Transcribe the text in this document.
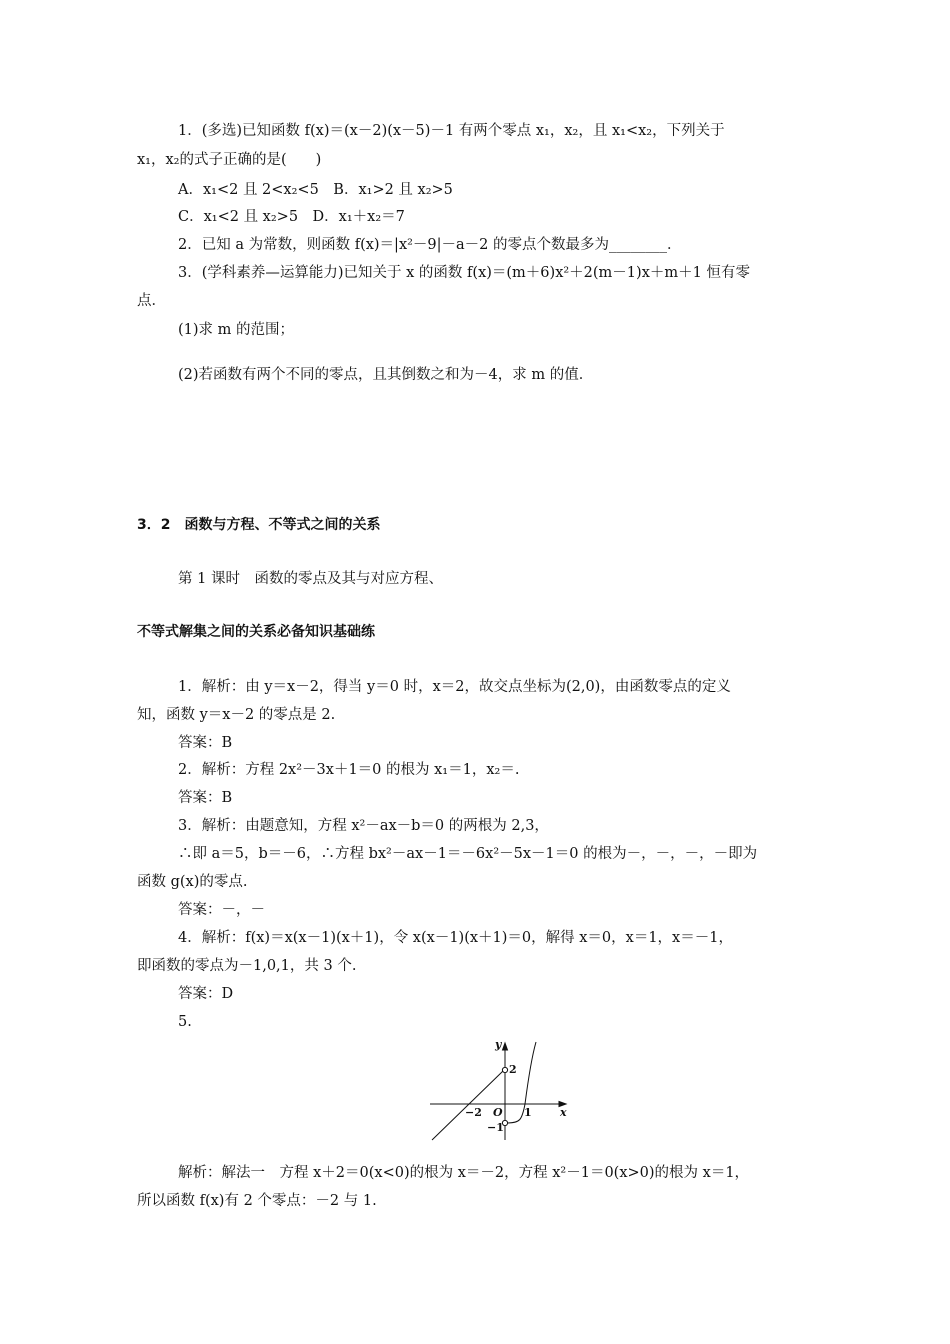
1．(多选)已知函数 f(x)＝(x－2)(x－5)－1 有两个零点 x₁，x₂，且 x₁<x₂，下列关于
x₁，x₂的式子正确的是(　　)
A．x₁<2 且 2<x₂<5　B．x₁>2 且 x₂>5
C．x₁<2 且 x₂>5　D．x₁＋x₂＝7
2．已知 a 为常数，则函数 f(x)＝|x²－9|－a－2 的零点个数最多为________．
3．(学科素养—运算能力)已知关于 x 的函数 f(x)＝(m＋6)x²＋2(m－1)x＋m＋1 恒有零
点．
(1)求 m 的范围；
(2)若函数有两个不同的零点，且其倒数之和为－4，求 m 的值．
3．2　函数与方程、不等式之间的关系
第 1 课时　函数的零点及其与对应方程、
不等式解集之间的关系必备知识基础练
1．解析：由 y＝x－2，得当 y＝0 时，x＝2，故交点坐标为(2,0)，由函数零点的定义
知，函数 y＝x－2 的零点是 2.
答案：B
2．解析：方程 2x²－3x＋1＝0 的根为 x₁＝1，x₂＝.
答案：B
3．解析：由题意知，方程 x²－ax－b＝0 的两根为 2,3，
∴即 a＝5，b＝－6，∴方程 bx²－ax－1＝－6x²－5x－1＝0 的根为－，－，－，－即为
函数 g(x)的零点.
答案：－，－
4．解析：f(x)＝x(x－1)(x＋1)，令 x(x－1)(x＋1)＝0，解得 x＝0，x＝1，x＝－1，
即函数的零点为－1,0,1，共 3 个.
答案：D
5.
y
x
2
−2 O 1
−1
解析：解法一　方程 x＋2＝0(x<0)的根为 x＝－2，方程 x²－1＝0(x>0)的根为 x＝1，
所以函数 f(x)有 2 个零点：－2 与 1.
